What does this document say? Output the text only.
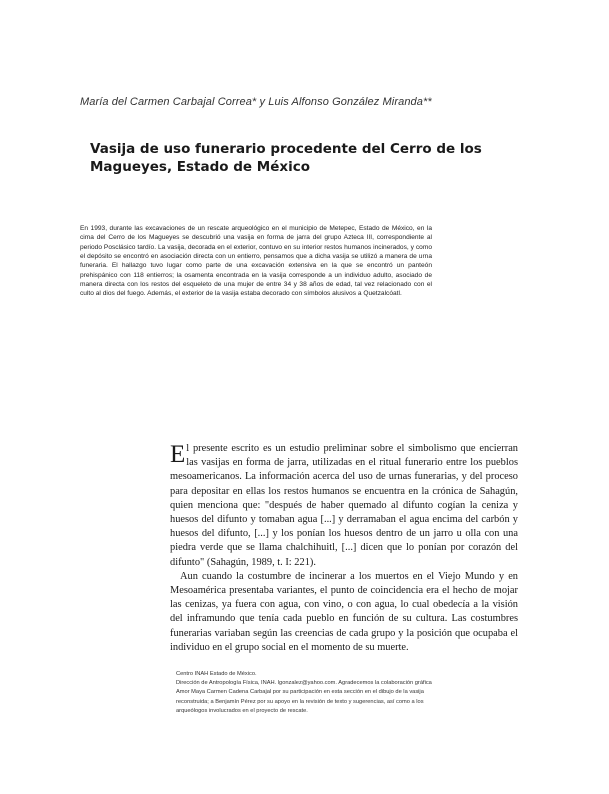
María del Carmen Carbajal Correa* y Luis Alfonso González Miranda**
Vasija de uso funerario procedente del Cerro de los Magueyes, Estado de México

En 1993, durante las excavaciones de un rescate arqueológico en el municipio de Metepec, Estado de México, en la cima del Cerro de los Magueyes se descubrió una vasija en forma de jarra del grupo Azteca III, correspondiente al periodo Posclásico tardío. La vasija, decorada en el exterior, contuvo en su interior restos humanos incinerados, y como el depósito se encontró en asociación directa con un entierro, pensamos que a dicha vasija se utilizó a manera de urna funeraria. El hallazgo tuvo lugar como parte de una excavación extensiva en la que se encontró un panteón prehispánico con 118 entierros; la osamenta encontrada en la vasija corresponde a un individuo adulto, asociado de manera directa con los restos del esqueleto de una mujer de entre 34 y 38 años de edad, tal vez relacionado con el culto al dios del fuego. Además, el exterior de la vasija estaba decorado con símbolos alusivos a Quetzalcóatl.

El presente escrito es un estudio preliminar sobre el simbolismo que encierran las vasijas en forma de jarra, utilizadas en el ritual funerario entre los pueblos mesoamericanos. La información acerca del uso de urnas funerarias, y del proceso para depositar en ellas los restos humanos se encuentra en la crónica de Sahagún, quien menciona que: "después de haber quemado al difunto cogían la ceniza y huesos del difunto y tomaban agua [...] y derramaban el agua encima del carbón y huesos del difunto, [...] y los ponían los huesos dentro de un jarro u olla con una piedra verde que se llama chalchihuitl, [...] dicen que lo ponían por corazón del difunto" (Sahagún, 1989, t. I: 221).

Aun cuando la costumbre de incinerar a los muertos en el Viejo Mundo y en Mesoamérica presentaba variantes, el punto de coincidencia era el hecho de mojar las cenizas, ya fuera con agua, con vino, o con agua, lo cual obedecía a la visión del inframundo que tenía cada pueblo en función de su cultura. Las costumbres funerarias variaban según las creencias de cada grupo y la posición que ocupaba el individuo en el grupo social en el momento de su muerte.

Centro INAH Estado de México.
Dirección de Antropología Física, INAH. lgonzalez@yahoo.com. Agradecemos la colaboración gráfica
Amor Maya Carmen Cadena Carbajal por su participación en esta sección en el dibujo de la vasija
reconstruida; a Benjamín Pérez por su apoyo en la revisión de texto y sugerencias, así como a los
arqueólogos involucrados en el proyecto de rescate.
